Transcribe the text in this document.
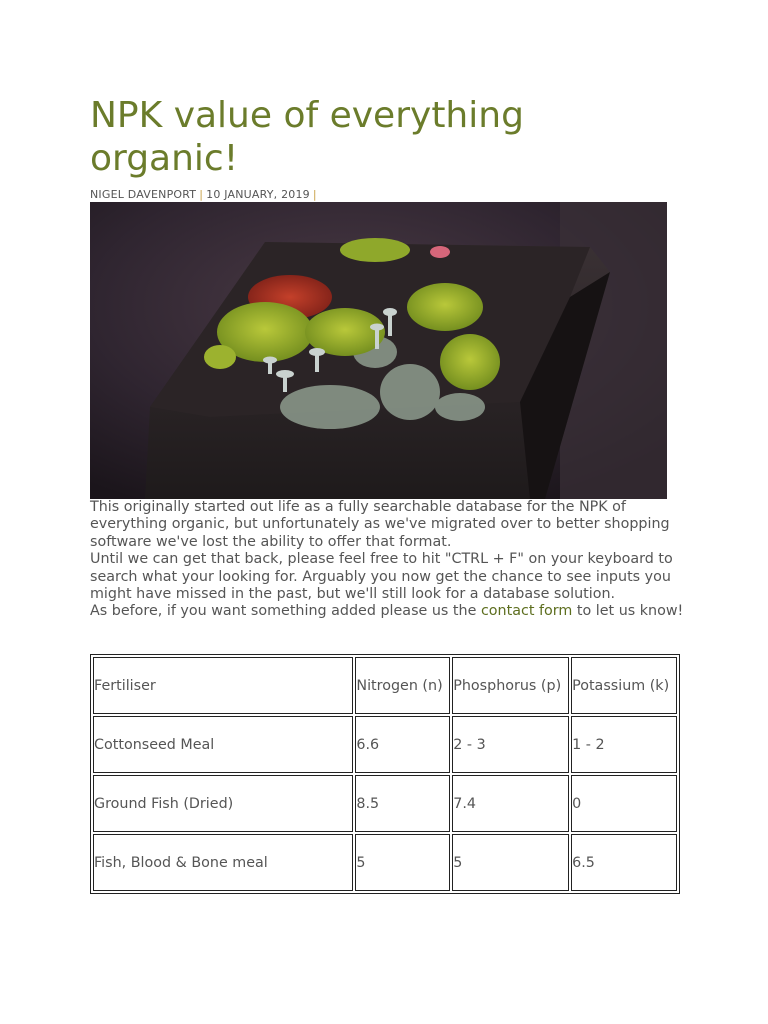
NPK value of everything organic!
NIGEL DAVENPORT | 10 JANUARY, 2019 |

This originally started out life as a fully searchable database for the NPK of everything organic, but unfortunately as we've migrated over to better shopping software we've lost the ability to offer that format.

Until we can get that back, please feel free to hit "CTRL + F" on your keyboard to search what your looking for. Arguably you now get the chance to see inputs you might have missed in the past, but we'll still look for a database solution.

As before, if you want something added please us the contact form to let us know!

Fertiliser	Nitrogen (n)	Phosphorus (p)	Potassium (k)
Cottonseed Meal	6.6	2 - 3	1 - 2
Ground Fish (Dried)	8.5	7.4	0
Fish, Blood & Bone meal	5	5	6.5
